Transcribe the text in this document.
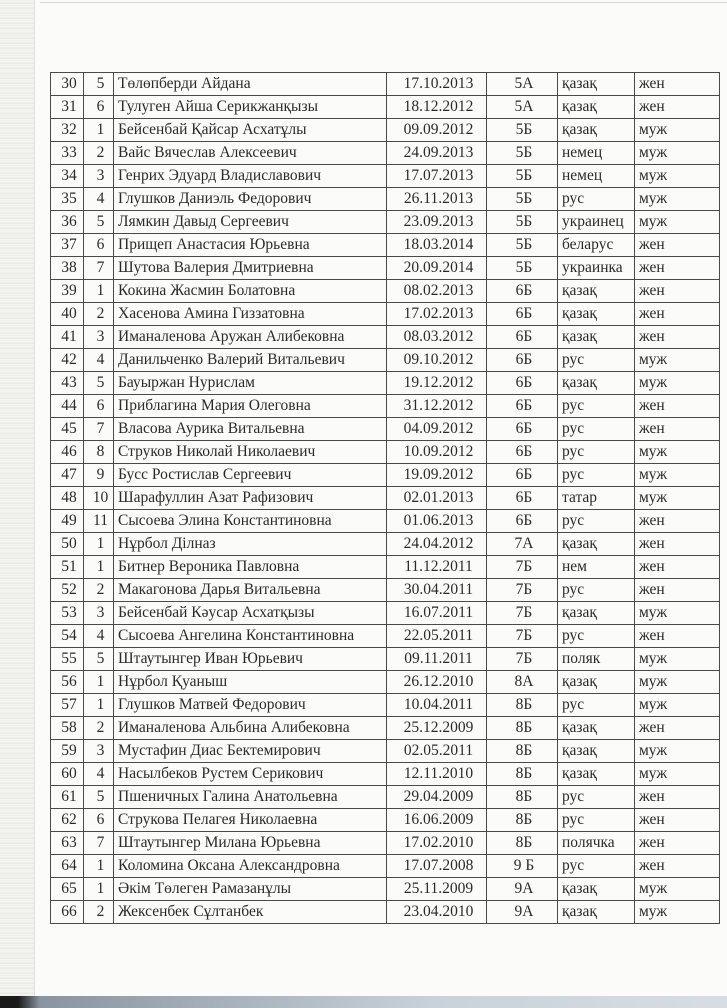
30	5	Төлөпберди Айдана	17.10.2013	5А	қазақ	жен
31	6	Тулуген Айша Серикжанқызы	18.12.2012	5А	қазақ	жен
32	1	Бейсенбай Қайсар Асхатұлы	09.09.2012	5Б	қазақ	муж
33	2	Вайс Вячеслав Алексеевич	24.09.2013	5Б	немец	муж
34	3	Генрих Эдуард Владиславович	17.07.2013	5Б	немец	муж
35	4	Глушков Даниэль Федорович	26.11.2013	5Б	рус	муж
36	5	Лямкин Давыд Сергеевич	23.09.2013	5Б	украинец	муж
37	6	Прищеп Анастасия Юрьевна	18.03.2014	5Б	беларус	жен
38	7	Шутова Валерия Дмитриевна	20.09.2014	5Б	украинка	жен
39	1	Кокина Жасмин Болатовна	08.02.2013	6Б	қазақ	жен
40	2	Хасенова Амина Гиззатовна	17.02.2013	6Б	қазақ	жен
41	3	Иманаленова Аружан Алибековна	08.03.2012	6Б	қазақ	жен
42	4	Данильченко Валерий Витальевич	09.10.2012	6Б	рус	муж
43	5	Бауыржан Нурислам	19.12.2012	6Б	қазақ	муж
44	6	Приблагина Мария Олеговна	31.12.2012	6Б	рус	жен
45	7	Власова Аурика Витальевна	04.09.2012	6Б	рус	жен
46	8	Струков Николай Николаевич	10.09.2012	6Б	рус	муж
47	9	Бусс Ростислав Сергеевич	19.09.2012	6Б	рус	муж
48	10	Шарафуллин Азат Рафизович	02.01.2013	6Б	татар	муж
49	11	Сысоева Элина Константиновна	01.06.2013	6Б	рус	жен
50	1	Нұрбол Ділназ	24.04.2012	7А	қазақ	жен
51	1	Битнер Вероника Павловна	11.12.2011	7Б	нем	жен
52	2	Макагонова Дарья Витальевна	30.04.2011	7Б	рус	жен
53	3	Бейсенбай Кәусар Асхатқызы	16.07.2011	7Б	қазақ	муж
54	4	Сысоева Ангелина Константиновна	22.05.2011	7Б	рус	жен
55	5	Штаутынгер Иван Юрьевич	09.11.2011	7Б	поляк	муж
56	1	Нұрбол Қуаныш	26.12.2010	8А	қазақ	муж
57	1	Глушков Матвей Федорович	10.04.2011	8Б	рус	муж
58	2	Иманаленова Альбина Алибековна	25.12.2009	8Б	қазақ	жен
59	3	Мустафин Диас Бектемирович	02.05.2011	8Б	қазақ	муж
60	4	Насылбеков Рустем Серикович	12.11.2010	8Б	қазақ	муж
61	5	Пшеничных Галина Анатольевна	29.04.2009	8Б	рус	жен
62	6	Струкова Пелагея Николаевна	16.06.2009	8Б	рус	жен
63	7	Штаутынгер Милана Юрьевна	17.02.2010	8Б	полячка	жен
64	1	Коломина Оксана Александровна	17.07.2008	9 Б	рус	жен
65	1	Әкім Төлеген Рамазанұлы	25.11.2009	9А	қазақ	муж
66	2	Жексенбек Сұлтанбек	23.04.2010	9А	қазақ	муж
